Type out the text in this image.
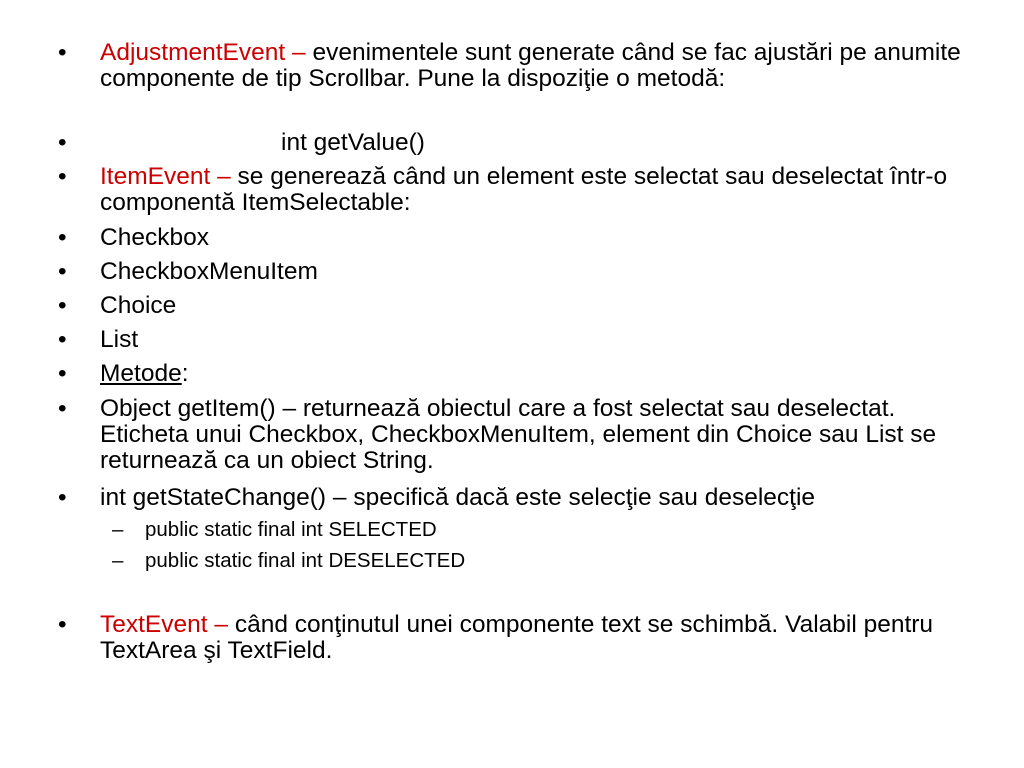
•	AdjustmentEvent – evenimentele sunt generate când se fac ajustări pe anumite componente de tip Scrollbar. Pune la dispoziţie o metodă:
•	int getValue()
•	ItemEvent – se generează când un element este selectat sau deselectat într-o componentă ItemSelectable:
•	Checkbox
•	CheckboxMenuItem
•	Choice
•	List
•	Metode:
•	Object getItem() – returnează obiectul care a fost selectat sau deselectat. Eticheta unui Checkbox, CheckboxMenuItem, element din Choice sau List se returnează ca un obiect String.
•	int getStateChange() – specifică dacă este selecţie sau deselecţie
–	public static final int SELECTED
–	public static final int DESELECTED
•	TextEvent – când conţinutul unei componente text se schimbă. Valabil pentru TextArea şi TextField.
